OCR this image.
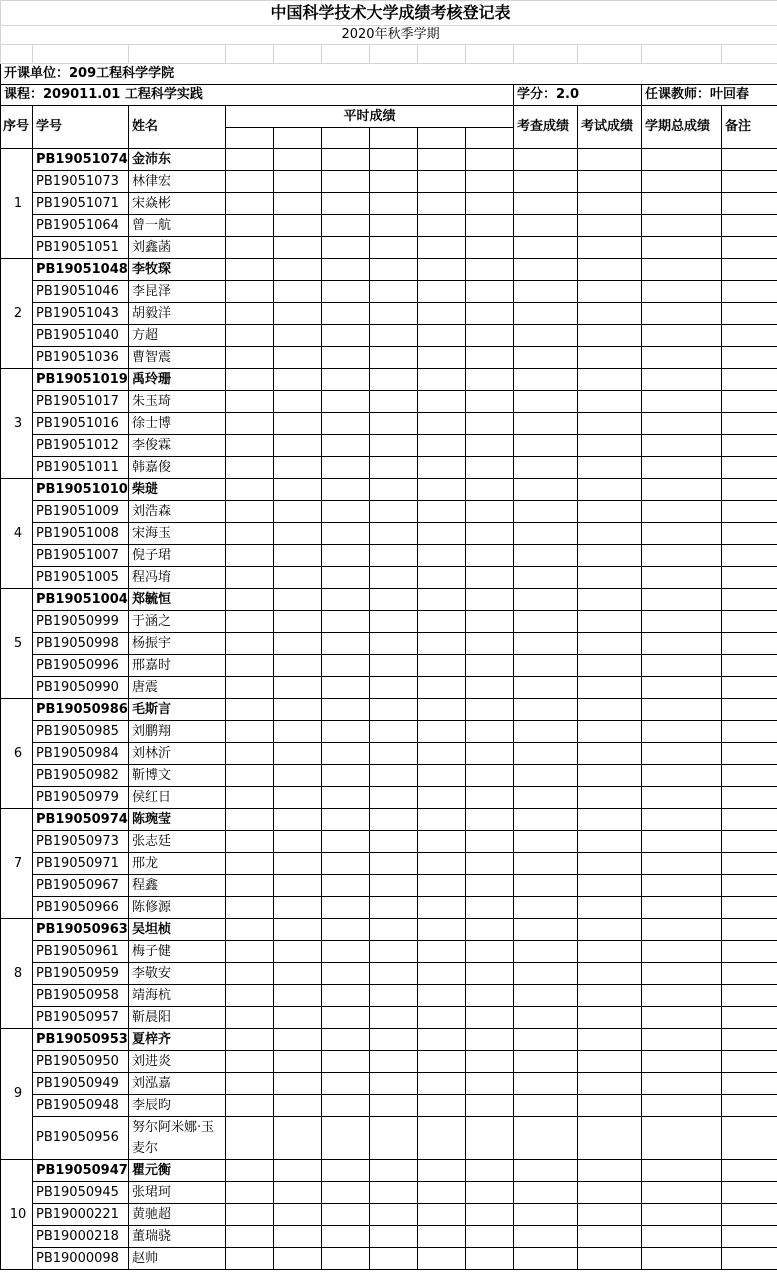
中国科学技术大学成绩考核登记表												
2020年秋季学期												

开课单位：209工程科学学院												
课程：209011.01 工程科学实践									学分：2.0		任课教师：叶回春	
序号	学号	姓名	平时成绩						考查成绩	考试成绩	学期总成绩	备注

1	PB19051074	金沛东										
	PB19051073	林律宏										
	PB19051071	宋焱彬										
	PB19051064	曾一航										
	PB19051051	刘鑫菡										
2	PB19051048	李牧琛										
	PB19051046	李昆泽										
	PB19051043	胡毅洋										
	PB19051040	方超										
	PB19051036	曹智震										
3	PB19051019	禹玲珊										
	PB19051017	朱玉琦										
	PB19051016	徐士博										
	PB19051012	李俊霖										
	PB19051011	韩嘉俊										
4	PB19051010	柴琎										
	PB19051009	刘浩森										
	PB19051008	宋海玉										
	PB19051007	倪子珺										
	PB19051005	程冯堉										
5	PB19051004	郑毓恒										
	PB19050999	于涵之										
	PB19050998	杨振宇										
	PB19050996	邢嘉时										
	PB19050990	唐震										
6	PB19050986	毛斯言										
	PB19050985	刘鹏翔										
	PB19050984	刘林沂										
	PB19050982	靳博文										
	PB19050979	侯红日										
7	PB19050974	陈琬莹										
	PB19050973	张志廷										
	PB19050971	邢龙										
	PB19050967	程鑫										
	PB19050966	陈修源										
8	PB19050963	吴坦桢										
	PB19050961	梅子健										
	PB19050959	李敬安										
	PB19050958	靖海杭										
	PB19050957	靳晨阳										
9	PB19050953	夏梓齐										
	PB19050950	刘进炎										
	PB19050949	刘泓嘉										
	PB19050948	李辰昀										
	PB19050956	努尔阿米娜·玉麦尔										
10	PB19050947	瞿元衡										
	PB19050945	张珺珂										
	PB19000221	黄驰超										
	PB19000218	董瑞骁										
	PB19000098	赵帅										
